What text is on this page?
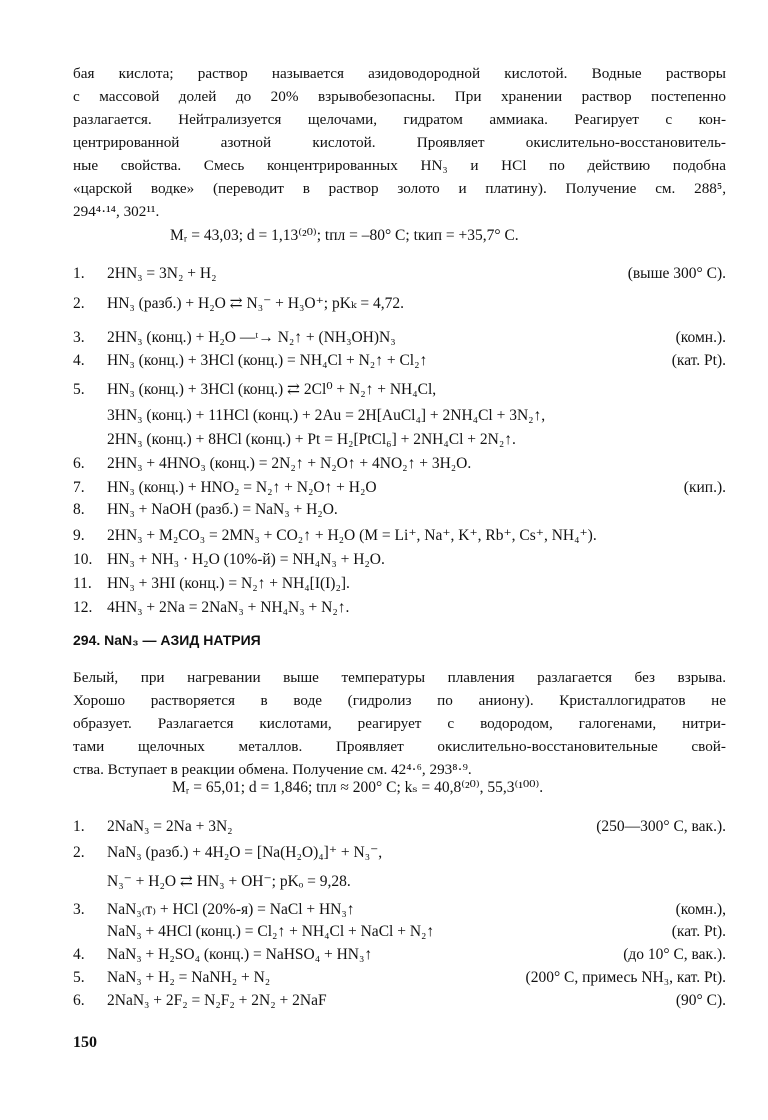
бая кислота; раствор называется азидоводородной кислотой. Водные растворы
с массовой долей до 20% взрывобезопасны. При хранении раствор постепенно
разлагается. Нейтрализуется щелочами, гидратом аммиака. Реагирует с кон-
центрированной азотной кислотой. Проявляет окислительно-восстановитель-
ные свойства. Смесь концентрированных HN₃ и HCl по действию подобна
«царской водке» (переводит в раствор золото и платину). Получение см. 288⁵,
294⁴·¹⁴, 302¹¹.
Mᵣ = 43,03; d = 1,13⁽²⁰⁾; tпл = –80° C; tкип = +35,7° C.
1. 2HN₃ = 3N₂ + H₂	(выше 300° C).
2. HN₃ (разб.) + H₂O ⇄ N₃⁻ + H₃O⁺; pKₖ = 4,72.
3. 2HN₃ (конц.) + H₂O —ᵗ→ N₂↑ + (NH₃OH)N₃	(комн.).
4. HN₃ (конц.) + 3HCl (конц.) = NH₄Cl + N₂↑ + Cl₂↑	(кат. Pt).
5. HN₃ (конц.) + 3HCl (конц.) ⇄ 2Cl⁰ + N₂↑ + NH₄Cl,
3HN₃ (конц.) + 11HCl (конц.) + 2Au = 2H[AuCl₄] + 2NH₄Cl + 3N₂↑,
2HN₃ (конц.) + 8HCl (конц.) + Pt = H₂[PtCl₆] + 2NH₄Cl + 2N₂↑.
6. 2HN₃ + 4HNO₃ (конц.) = 2N₂↑ + N₂O↑ + 4NO₂↑ + 3H₂O.
7. HN₃ (конц.) + HNO₂ = N₂↑ + N₂O↑ + H₂O	(кип.).
8. HN₃ + NaOH (разб.) = NaN₃ + H₂O.
9. 2HN₃ + M₂CO₃ = 2MN₃ + CO₂↑ + H₂O (M = Li⁺, Na⁺, K⁺, Rb⁺, Cs⁺, NH₄⁺).
10. HN₃ + NH₃ · H₂O (10%-й) = NH₄N₃ + H₂O.
11. HN₃ + 3HI (конц.) = N₂↑ + NH₄[I(I)₂].
12. 4HN₃ + 2Na = 2NaN₃ + NH₄N₃ + N₂↑.
294. NaN₃ — АЗИД НАТРИЯ
Белый, при нагревании выше температуры плавления разлагается без взрыва.
Хорошо растворяется в воде (гидролиз по аниону). Кристаллогидратов не
образует. Разлагается кислотами, реагирует с водородом, галогенами, нитри-
тами щелочных металлов. Проявляет окислительно-восстановительные свой-
ства. Вступает в реакции обмена. Получение см. 42⁴·⁶, 293⁸·⁹.
Mᵣ = 65,01; d = 1,846; tпл ≈ 200° C; kₛ = 40,8⁽²⁰⁾, 55,3⁽¹⁰⁰⁾.
1. 2NaN₃ = 2Na + 3N₂	(250—300° C, вак.).
2. NaN₃ (разб.) + 4H₂O = [Na(H₂O)₄]⁺ + N₃⁻,
N₃⁻ + H₂O ⇄ HN₃ + OH⁻; pKₒ = 9,28.
3. NaN₃₍т₎ + HCl (20%-я) = NaCl + HN₃↑	(комн.),
NaN₃ + 4HCl (конц.) = Cl₂↑ + NH₄Cl + NaCl + N₂↑	(кат. Pt).
4. NaN₃ + H₂SO₄ (конц.) = NaHSO₄ + HN₃↑	(до 10° C, вак.).
5. NaN₃ + H₂ = NaNH₂ + N₂	(200° C, примесь NH₃, кат. Pt).
6. 2NaN₃ + 2F₂ = N₂F₂ + 2N₂ + 2NaF	(90° C).
150
